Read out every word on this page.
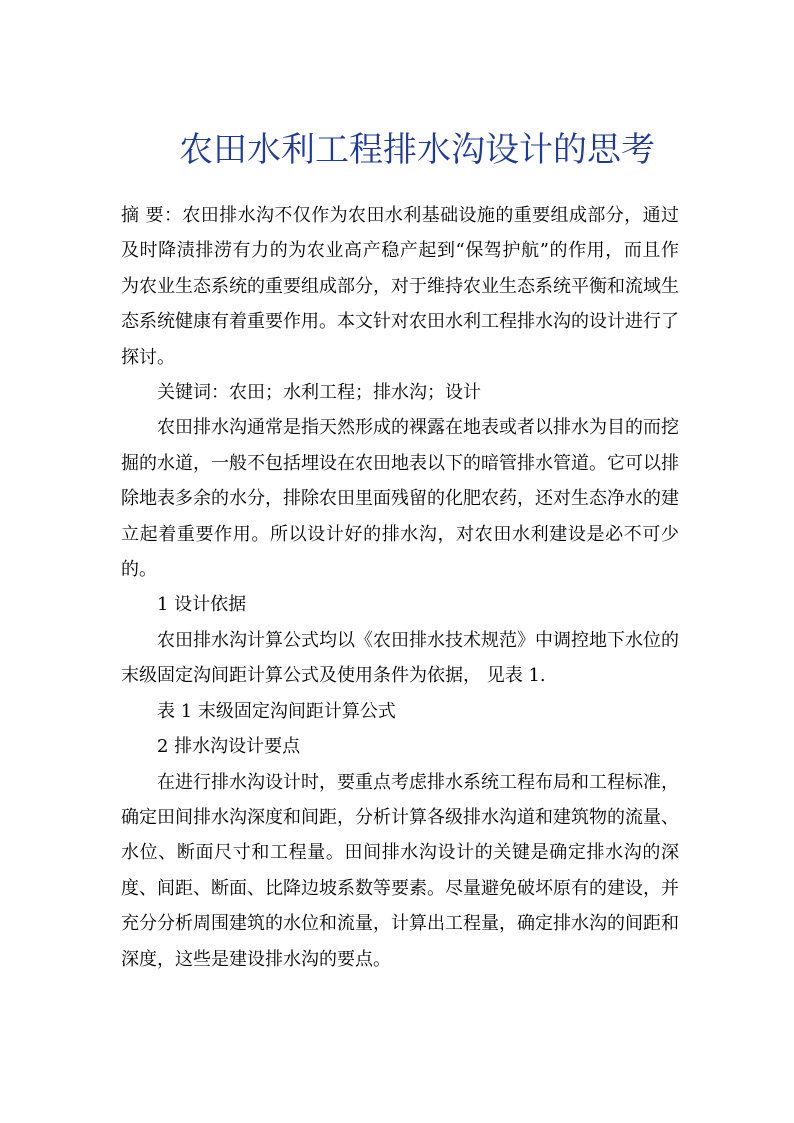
农田水利工程排水沟设计的思考

摘 要：农田排水沟不仅作为农田水利基础设施的重要组成部分，通过及时降渍排涝有力的为农业高产稳产起到“保驾护航”的作用，而且作为农业生态系统的重要组成部分，对于维持农业生态系统平衡和流域生态系统健康有着重要作用。本文针对农田水利工程排水沟的设计进行了探讨。

关键词：农田；水利工程；排水沟；设计

农田排水沟通常是指天然形成的裸露在地表或者以排水为目的而挖掘的水道，一般不包括埋设在农田地表以下的暗管排水管道。它可以排除地表多余的水分，排除农田里面残留的化肥农药，还对生态净水的建立起着重要作用。所以设计好的排水沟，对农田水利建设是必不可少的。

1 设计依据

农田排水沟计算公式均以《农田排水技术规范》中调控地下水位的末级固定沟间距计算公式及使用条件为依据， 见表 1.

表 1 末级固定沟间距计算公式

2 排水沟设计要点

在进行排水沟设计时，要重点考虑排水系统工程布局和工程标准，确定田间排水沟深度和间距，分析计算各级排水沟道和建筑物的流量、水位、断面尺寸和工程量。田间排水沟设计的关键是确定排水沟的深度、间距、断面、比降边坡系数等要素。尽量避免破坏原有的建设，并充分分析周围建筑的水位和流量，计算出工程量，确定排水沟的间距和深度，这些是建设排水沟的要点。
